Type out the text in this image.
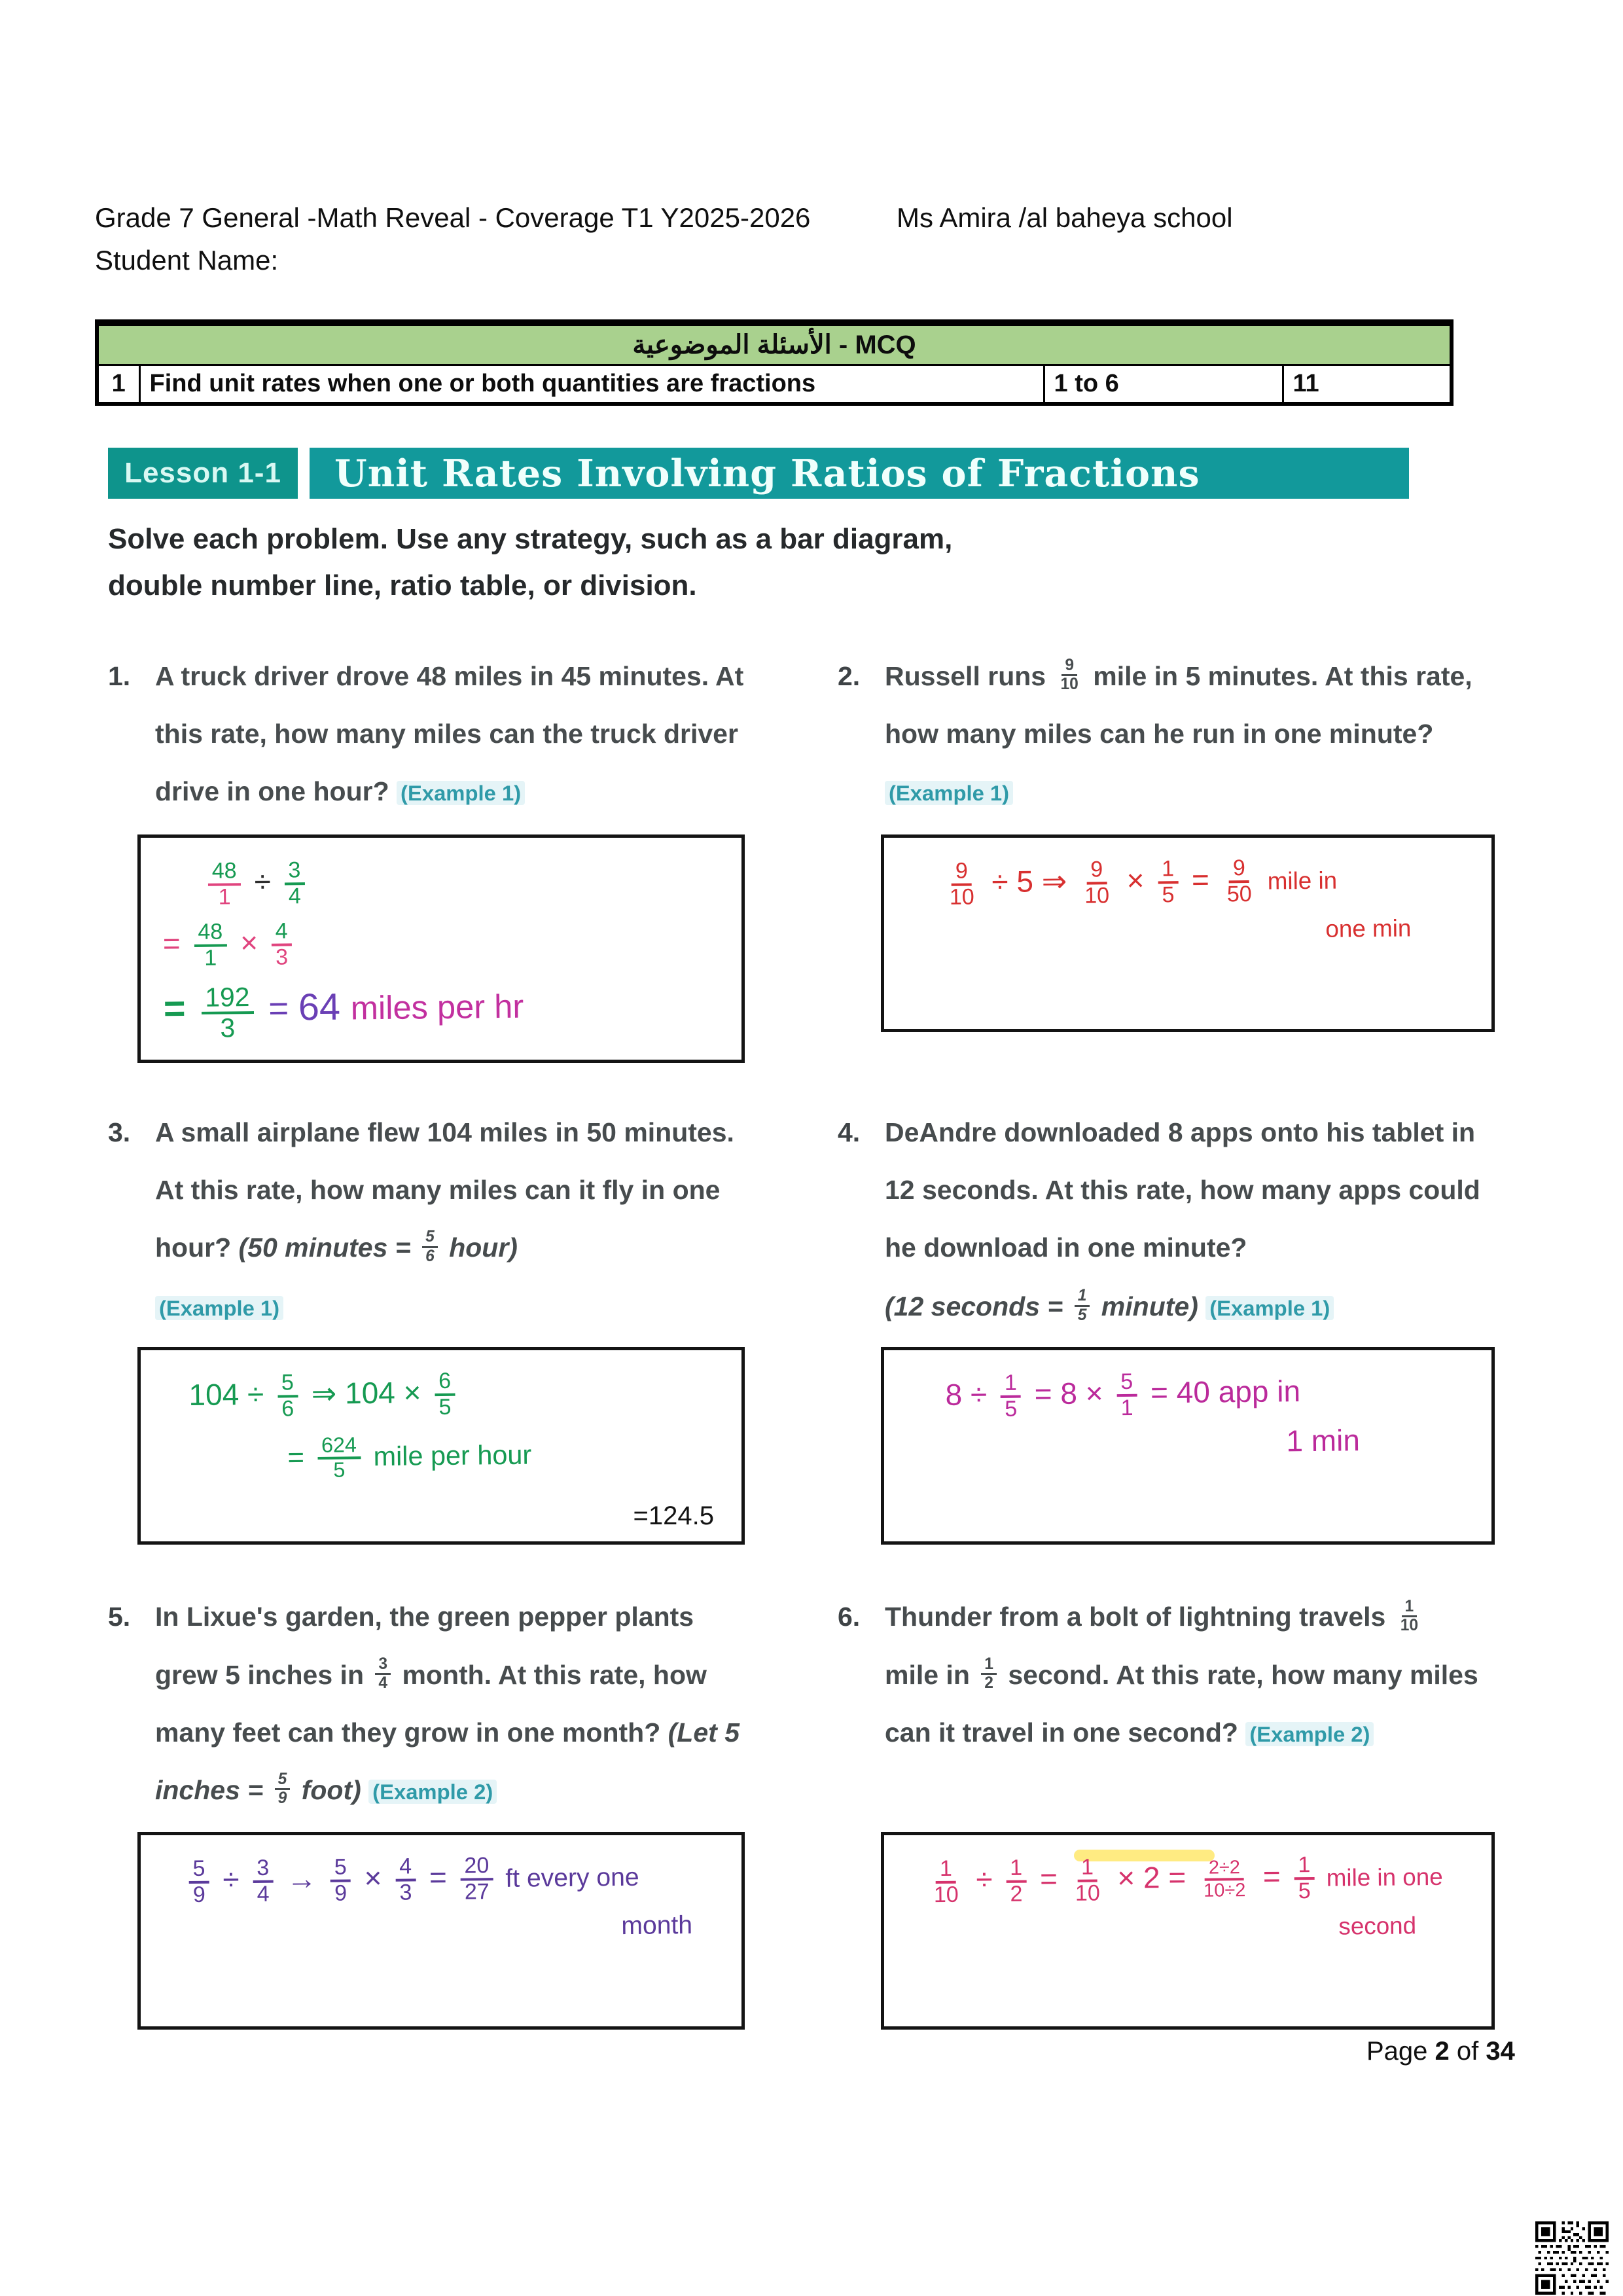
Grade 7 General -Math Reveal - Coverage T1 Y2025-2026	Ms Amira /al baheya school
Student Name:
الأسئلة الموضوعية - MCQ
1	Find unit rates when one or both quantities are fractions	1 to 6	11
Lesson 1-1	Unit Rates Involving Ratios of Fractions
Solve each problem. Use any strategy, such as a bar diagram,
double number line, ratio table, or division.
1. A truck driver drove 48 miles in 45 minutes. At this rate, how many miles can the truck driver drive in one hour? (Example 1)
2. Russell runs $\frac{9}{10}$ mile in 5 minutes. At this rate, how many miles can he run in one minute? (Example 1)
$\frac{48}{1} \div \frac{3}{4}$
= $\frac{48}{1} \times \frac{4}{3}$
= $\frac{192}{3} = 64$ miles per hr
$\frac{9}{10} \div 5$ ⇒ $\frac{9}{10} \times \frac{1}{5} = \frac{9}{50}$ mile in
one min
3. A small airplane flew 104 miles in 50 minutes. At this rate, how many miles can it fly in one hour? (50 minutes = $\frac{5}{6}$ hour)
(Example 1)
4. DeAndre downloaded 8 apps onto his tablet in 12 seconds. At this rate, how many apps could he download in one minute?
(12 seconds = $\frac{1}{5}$ minute) (Example 1)
$104 \div \frac{5}{6}$ ⇒ $104 \times \frac{6}{5}$
= $\frac{624}{5}$ mile per hour
=124.5
$8 \div \frac{1}{5} = 8 \times \frac{5}{1} = 40$ app in
1 min
5. In Lixue's garden, the green pepper plants grew 5 inches in $\frac{3}{4}$ month. At this rate, how many feet can they grow in one month? (Let 5 inches = $\frac{5}{9}$ foot) (Example 2)
6. Thunder from a bolt of lightning travels $\frac{1}{10}$
mile in $\frac{1}{2}$ second. At this rate, how many miles can it travel in one second? (Example 2)
$\frac{5}{9} \div \frac{3}{4} \to \frac{5}{9} \times \frac{4}{3} = \frac{20}{27}$ ft every one
month
$\frac{1}{10} \div \frac{1}{2} = \frac{1}{10} \times 2 = \frac{2\div 2}{10\div 2} = \frac{1}{5}$ mile in one
second
Page 2 of 34
